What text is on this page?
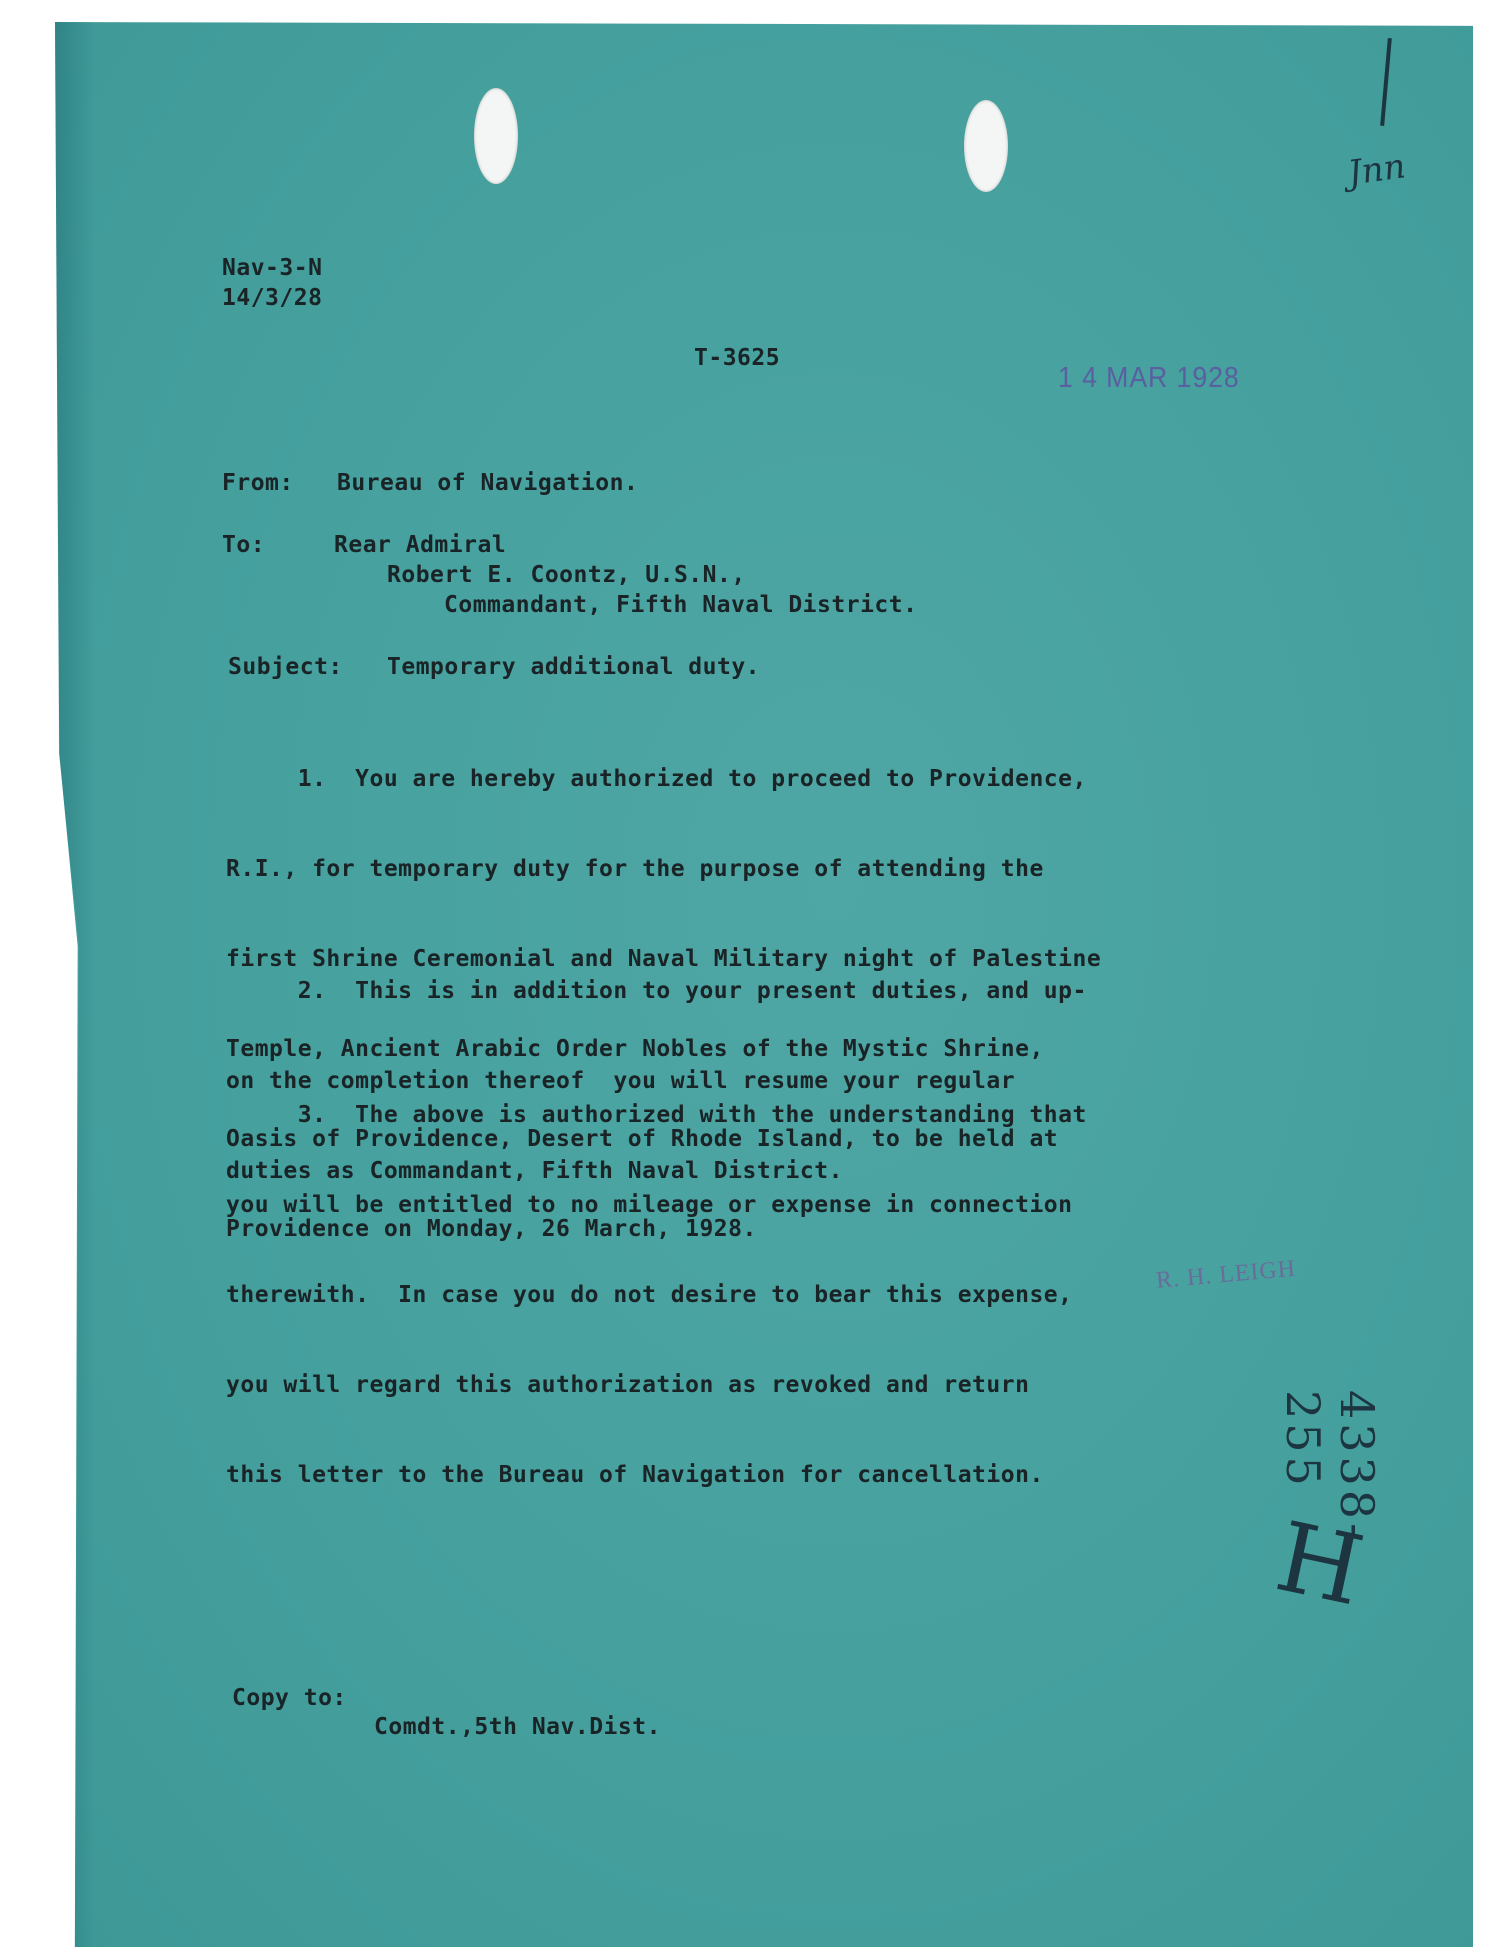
Nav-3-N
14/3/28
T-3625
1 4 MAR 1928
From: Bureau of Navigation.
To:	Rear Admiral
Robert E. Coontz, U.S.N.,
Commandant, Fifth Naval District.
Subject: Temporary additional duty.

1.  You are hereby authorized to proceed to Providence,

R.I., for temporary duty for the purpose of attending the

first Shrine Ceremonial and Naval Military night of Palestine

Temple, Ancient Arabic Order Nobles of the Mystic Shrine,

Oasis of Providence, Desert of Rhode Island, to be held at

Providence on Monday, 26 March, 1928.

2.  This is in addition to your present duties, and up-

on the completion thereof  you will resume your regular

duties as Commandant, Fifth Naval District.

3.  The above is authorized with the understanding that

you will be entitled to no mileage or expense in connection

therewith.  In case you do not desire to bear this expense,

you will regard this authorization as revoked and return

this letter to the Bureau of Navigation for cancellation.

R. H. LEIGH
Copy to:
Comdt.,5th Nav.Dist.
Jnn
4338-255
H
